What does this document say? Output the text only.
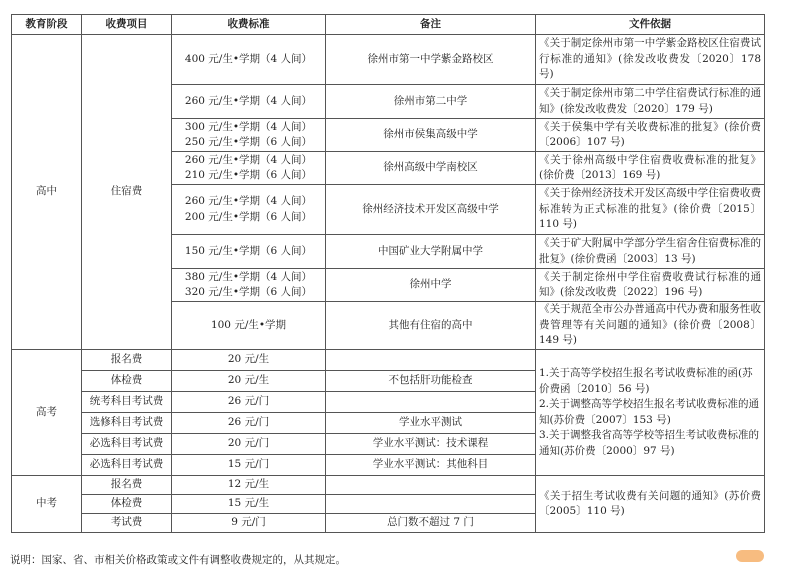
教育阶段	收费项目	收费标准	备注	文件依据
高中	住宿费	400 元/生•学期（4 人间）	徐州市第一中学紫金路校区	《关于制定徐州市第一中学紫金路校区住宿费试行标准的通知》(徐发改收费发〔2020〕178 号)
		260 元/生•学期（4 人间）	徐州市第二中学	《关于制定徐州市第二中学住宿费试行标准的通知》(徐发改收费发〔2020〕179 号)
		300 元/生•学期（4 人间）
250 元/生•学期（6 人间）	徐州市侯集高级中学	《关于侯集中学有关收费标准的批复》(徐价费〔2006〕107 号)
		260 元/生•学期（4 人间）
210 元/生•学期（6 人间）	徐州高级中学南校区	《关于徐州高级中学住宿费收费标准的批复》(徐价费〔2013〕169 号)
		260 元/生•学期（4 人间）
200 元/生•学期（6 人间）	徐州经济技术开发区高级中学	《关于徐州经济技术开发区高级中学住宿费收费标准转为正式标准的批复》(徐价费〔2015〕110 号)
		150 元/生•学期（6 人间）	中国矿业大学附属中学	《关于矿大附属中学部分学生宿舍住宿费标准的批复》(徐价费函〔2003〕13 号)
		380 元/生•学期（4 人间）
320 元/生•学期（6 人间）	徐州中学	《关于制定徐州中学住宿费收费试行标准的通知》(徐发改收费〔2022〕196 号)
		100 元/生•学期	其他有住宿的高中	《关于规范全市公办普通高中代办费和服务性收费管理等有关问题的通知》(徐价费〔2008〕149 号)
高考	报名费	20 元/生		1.关于高等学校招生报名考试收费标准的函(苏价费函〔2010〕56 号)
2.关于调整高等学校招生报名考试收费标准的通知(苏价费〔2007〕153 号)
3.关于调整我省高等学校等招生考试收费标准的通知(苏价费〔2000〕97 号)
	体检费	20 元/生	不包括肝功能检查	
	统考科目考试费	26 元/门		
	选修科目考试费	26 元/门	学业水平测试	
	必选科目考试费	20 元/门	学业水平测试：技术课程	
	必选科目考试费	15 元/门	学业水平测试：其他科目	
中考	报名费	12 元/生		《关于招生考试收费有关问题的通知》(苏价费〔2005〕110 号)
	体检费	15 元/生		
	考试费	9 元/门	总门数不超过 7 门	
说明：国家、省、市相关价格政策或文件有调整收费规定的，从其规定。
